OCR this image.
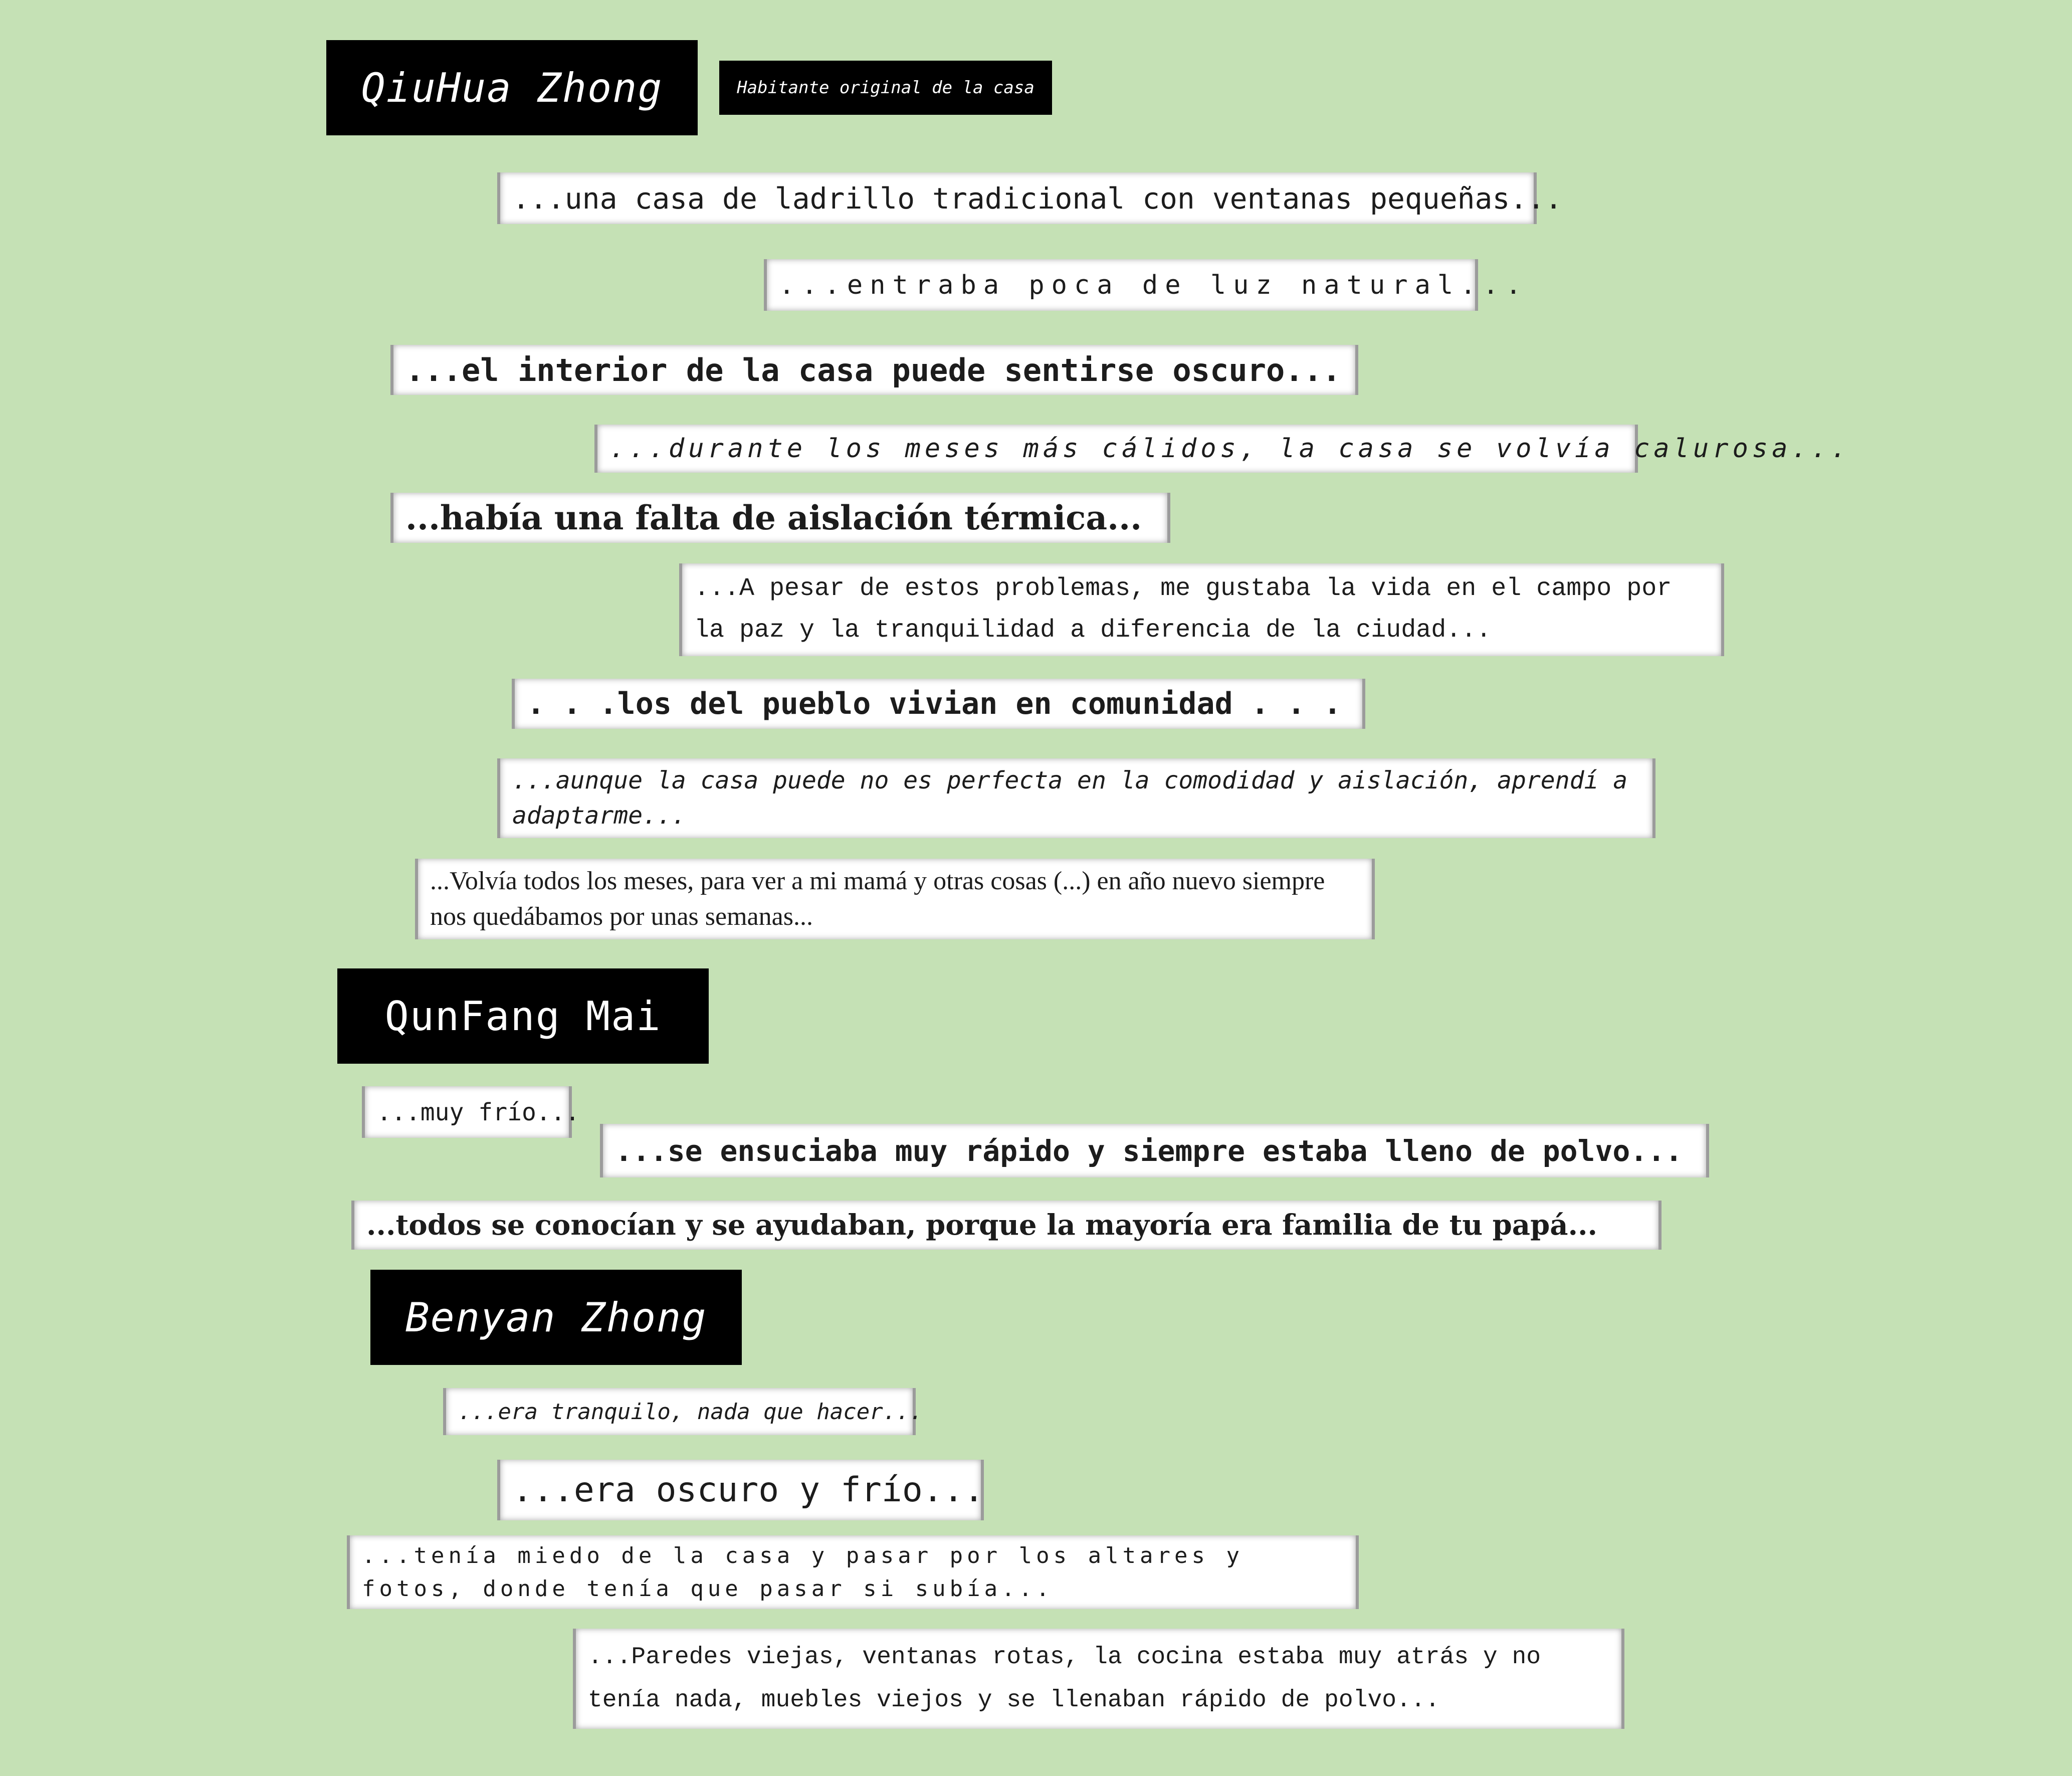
QiuHua Zhong	Habitante original de la casa
QunFang Mai
Benyan Zhong
...una casa de ladrillo tradicional con ventanas pequeñas...
...entraba poca de luz natural...
...el interior de la casa puede sentirse oscuro...
...durante los meses más cálidos, la casa se volvía calurosa...
...había una falta de aislación térmica...
...A pesar de estos problemas, me gustaba la vida en el campo por la paz y la tranquilidad a diferencia de la ciudad...
. . .los del pueblo vivian en comunidad . . .
...aunque la casa puede no es perfecta en la comodidad y aislación, aprendí a adaptarme...
...Volvía todos los meses, para ver a mi mamá y otras cosas (...) en año nuevo siempre nos quedábamos por unas semanas...
...muy frío...
...se ensuciaba muy rápido y siempre estaba lleno de polvo...
...todos se conocían y se ayudaban, porque la mayoría era familia de tu papá...
...era tranquilo, nada que hacer...
...era oscuro y frío...
...tenía miedo de la casa y pasar por los altares y fotos, donde tenía que pasar si subía...
...Paredes viejas, ventanas rotas, la cocina estaba muy atrás y no tenía nada, muebles viejos y se llenaban rápido de polvo...
